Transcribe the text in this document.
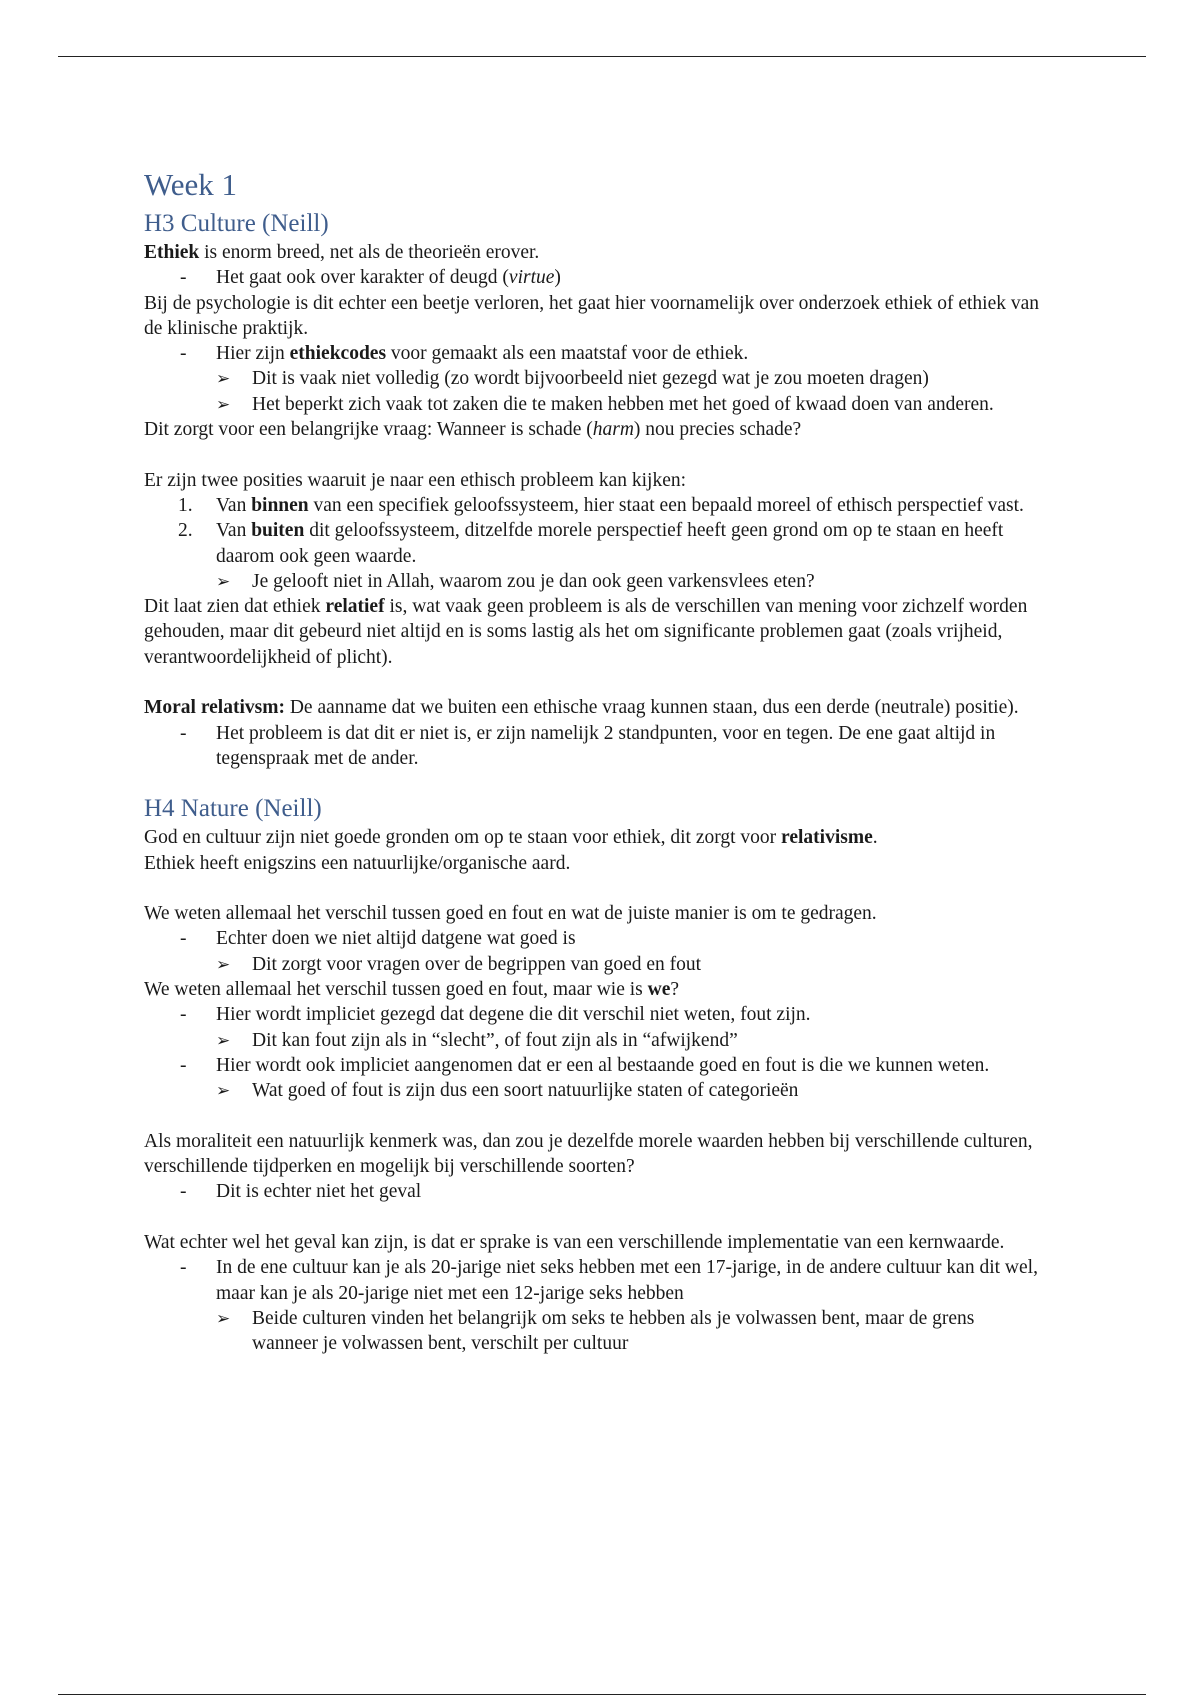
Week 1
H3 Culture (Neill)

Ethiek is enorm breed, net als de theorieën erover.

- Het gaat ook over karakter of deugd (virtue)

Bij de psychologie is dit echter een beetje verloren, het gaat hier voornamelijk over onderzoek ethiek of ethiek van de klinische praktijk.

- Hier zijn ethiekcodes voor gemaakt als een maatstaf voor de ethiek.
➢ Dit is vaak niet volledig (zo wordt bijvoorbeeld niet gezegd wat je zou moeten dragen)
➢ Het beperkt zich vaak tot zaken die te maken hebben met het goed of kwaad doen van anderen.

Dit zorgt voor een belangrijke vraag: Wanneer is schade (harm) nou precies schade?

Er zijn twee posities waaruit je naar een ethisch probleem kan kijken:

1. Van binnen van een specifiek geloofssysteem, hier staat een bepaald moreel of ethisch perspectief vast.
2. Van buiten dit geloofssysteem, ditzelfde morele perspectief heeft geen grond om op te staan en heeft daarom ook geen waarde.
➢ Je gelooft niet in Allah, waarom zou je dan ook geen varkensvlees eten?

Dit laat zien dat ethiek relatief is, wat vaak geen probleem is als de verschillen van mening voor zichzelf worden gehouden, maar dit gebeurd niet altijd en is soms lastig als het om significante problemen gaat (zoals vrijheid, verantwoordelijkheid of plicht).

Moral relativsm: De aanname dat we buiten een ethische vraag kunnen staan, dus een derde (neutrale) positie).

- Het probleem is dat dit er niet is, er zijn namelijk 2 standpunten, voor en tegen. De ene gaat altijd in tegenspraak met de ander.
H4 Nature (Neill)

God en cultuur zijn niet goede gronden om op te staan voor ethiek, dit zorgt voor relativisme.
Ethiek heeft enigszins een natuurlijke/organische aard.

We weten allemaal het verschil tussen goed en fout en wat de juiste manier is om te gedragen.

- Echter doen we niet altijd datgene wat goed is
➢ Dit zorgt voor vragen over de begrippen van goed en fout

We weten allemaal het verschil tussen goed en fout, maar wie is we?

- Hier wordt impliciet gezegd dat degene die dit verschil niet weten, fout zijn.
➢ Dit kan fout zijn als in “slecht”, of fout zijn als in “afwijkend”
- Hier wordt ook impliciet aangenomen dat er een al bestaande goed en fout is die we kunnen weten.
➢ Wat goed of fout is zijn dus een soort natuurlijke staten of categorieën

Als moraliteit een natuurlijk kenmerk was, dan zou je dezelfde morele waarden hebben bij verschillende culturen, verschillende tijdperken en mogelijk bij verschillende soorten?

- Dit is echter niet het geval

Wat echter wel het geval kan zijn, is dat er sprake is van een verschillende implementatie van een kernwaarde.

- In de ene cultuur kan je als 20-jarige niet seks hebben met een 17-jarige, in de andere cultuur kan dit wel, maar kan je als 20-jarige niet met een 12-jarige seks hebben
➢ Beide culturen vinden het belangrijk om seks te hebben als je volwassen bent, maar de grens wanneer je volwassen bent, verschilt per cultuur
